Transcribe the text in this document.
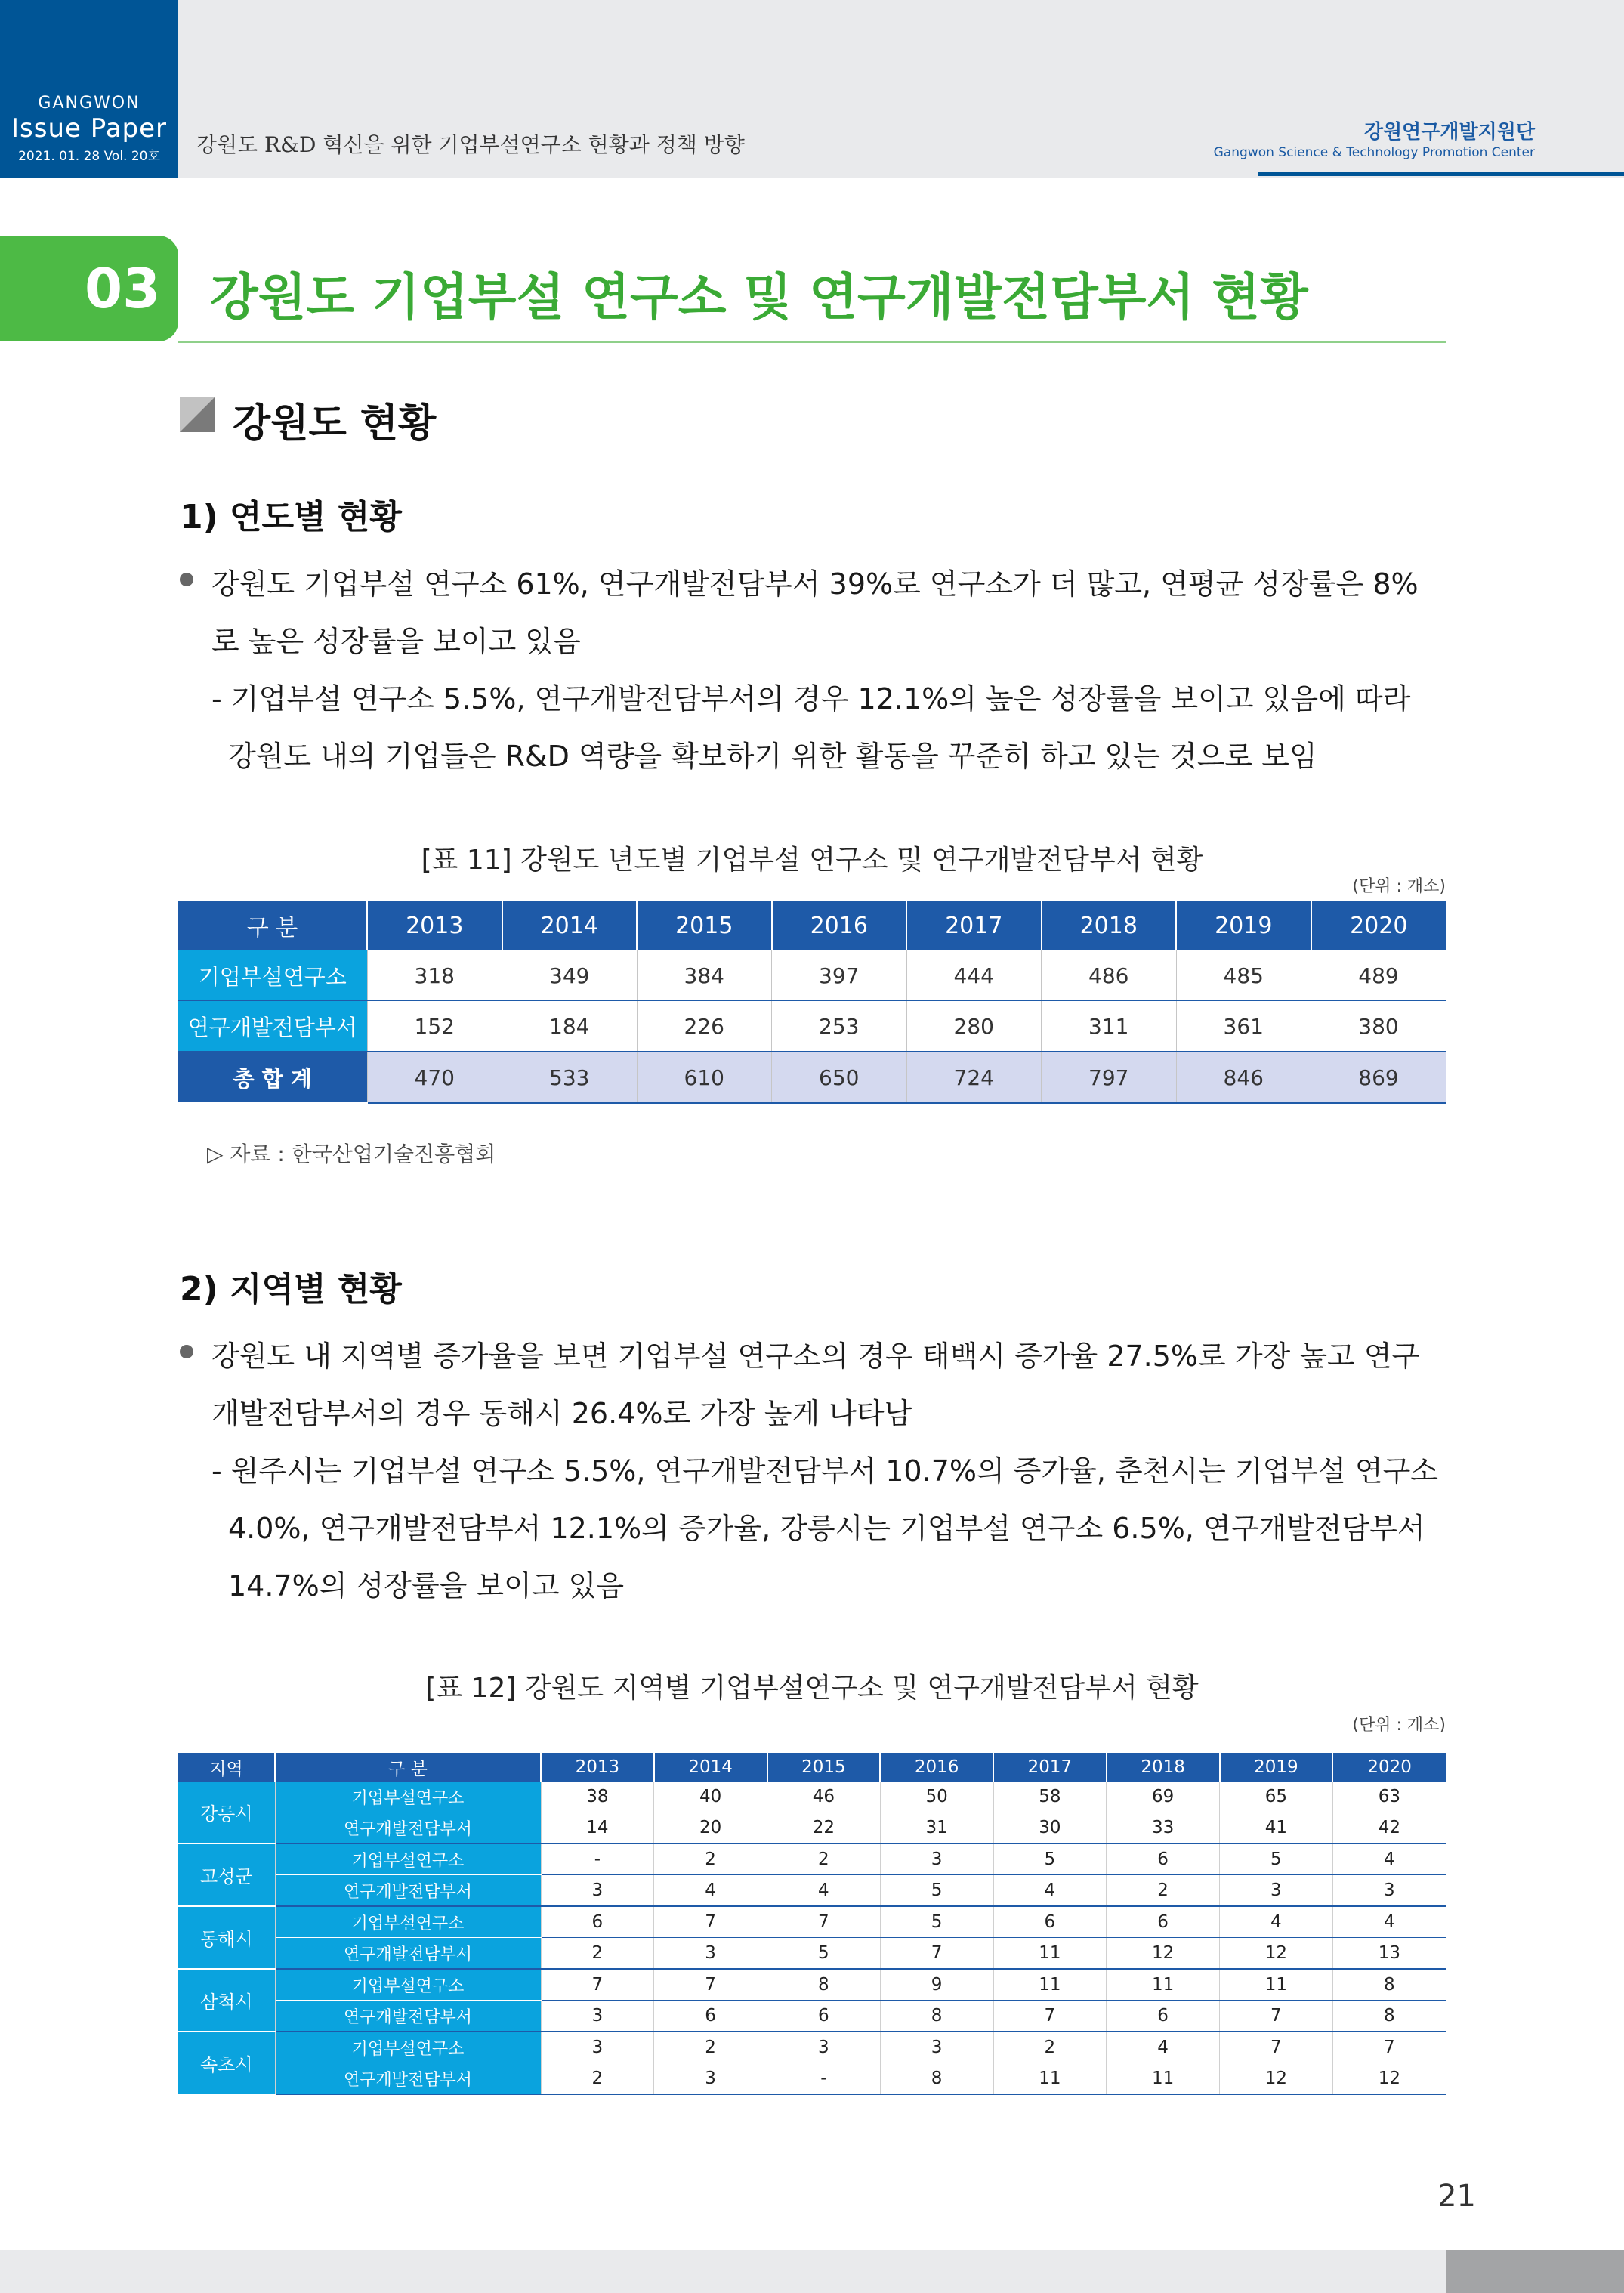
GANGWON
Issue Paper
2021. 01. 28 Vol. 20호	강원도 R&D 혁신을 위한 기업부설연구소 현황과 정책 방향	강원연구개발지원단
Gangwon Science & Technology Promotion Center
03 강원도 기업부설 연구소 및 연구개발전담부서 현황
강원도 현황
1) 연도별 현황
강원도 기업부설 연구소 61%, 연구개발전담부서 39%로 연구소가 더 많고, 연평균 성장률은 8%
로 높은 성장률을 보이고 있음
- 기업부설 연구소 5.5%, 연구개발전담부서의 경우 12.1%의 높은 성장률을 보이고 있음에 따라
강원도 내의 기업들은 R&D 역량을 확보하기 위한 활동을 꾸준히 하고 있는 것으로 보임
[표 11] 강원도 년도별 기업부설 연구소 및 연구개발전담부서 현황
(단위 : 개소)
구 분	2013	2014	2015	2016	2017	2018	2019	2020
기업부설연구소	318	349	384	397	444	486	485	489
연구개발전담부서	152	184	226	253	280	311	361	380
총 합 계	470	533	610	650	724	797	846	869
▷ 자료 : 한국산업기술진흥협회
2) 지역별 현황
강원도 내 지역별 증가율을 보면 기업부설 연구소의 경우 태백시 증가율 27.5%로 가장 높고 연구
개발전담부서의 경우 동해시 26.4%로 가장 높게 나타남
- 원주시는 기업부설 연구소 5.5%, 연구개발전담부서 10.7%의 증가율, 춘천시는 기업부설 연구소
4.0%, 연구개발전담부서 12.1%의 증가율, 강릉시는 기업부설 연구소 6.5%, 연구개발전담부서
14.7%의 성장률을 보이고 있음
[표 12] 강원도 지역별 기업부설연구소 및 연구개발전담부서 현황
(단위 : 개소)
지역	구 분	2013	2014	2015	2016	2017	2018	2019	2020
강릉시	기업부설연구소	38	40	46	50	58	69	65	63
	연구개발전담부서	14	20	22	31	30	33	41	42
고성군	기업부설연구소	-	2	2	3	5	6	5	4
	연구개발전담부서	3	4	4	5	4	2	3	3
동해시	기업부설연구소	6	7	7	5	6	6	4	4
	연구개발전담부서	2	3	5	7	11	12	12	13
삼척시	기업부설연구소	7	7	8	9	11	11	11	8
	연구개발전담부서	3	6	6	8	7	6	7	8
속초시	기업부설연구소	3	2	3	3	2	4	7	7
	연구개발전담부서	2	3	-	8	11	11	12	12
21
